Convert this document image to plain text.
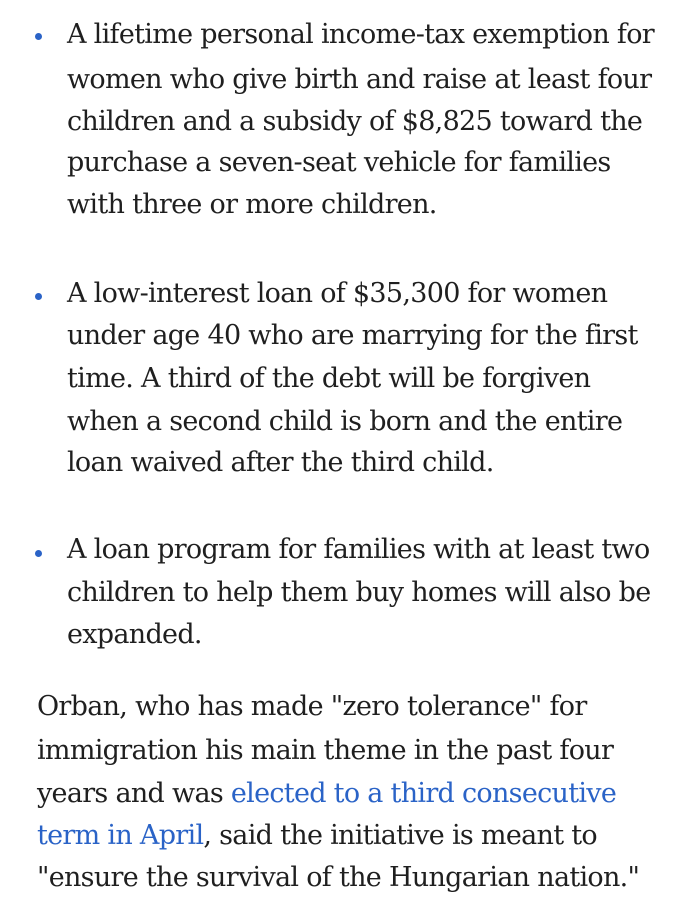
A lifetime personal income-tax exemption for
women who give birth and raise at least four
children and a subsidy of $8,825 toward the
purchase a seven-seat vehicle for families
with three or more children.
A low-interest loan of $35,300 for women
under age 40 who are marrying for the first
time. A third of the debt will be forgiven
when a second child is born and the entire
loan waived after the third child.
A loan program for families with at least two
children to help them buy homes will also be
expanded.
Orban, who has made "zero tolerance" for
immigration his main theme in the past four
years and was elected to a third consecutive
term in April, said the initiative is meant to
"ensure the survival of the Hungarian nation."
